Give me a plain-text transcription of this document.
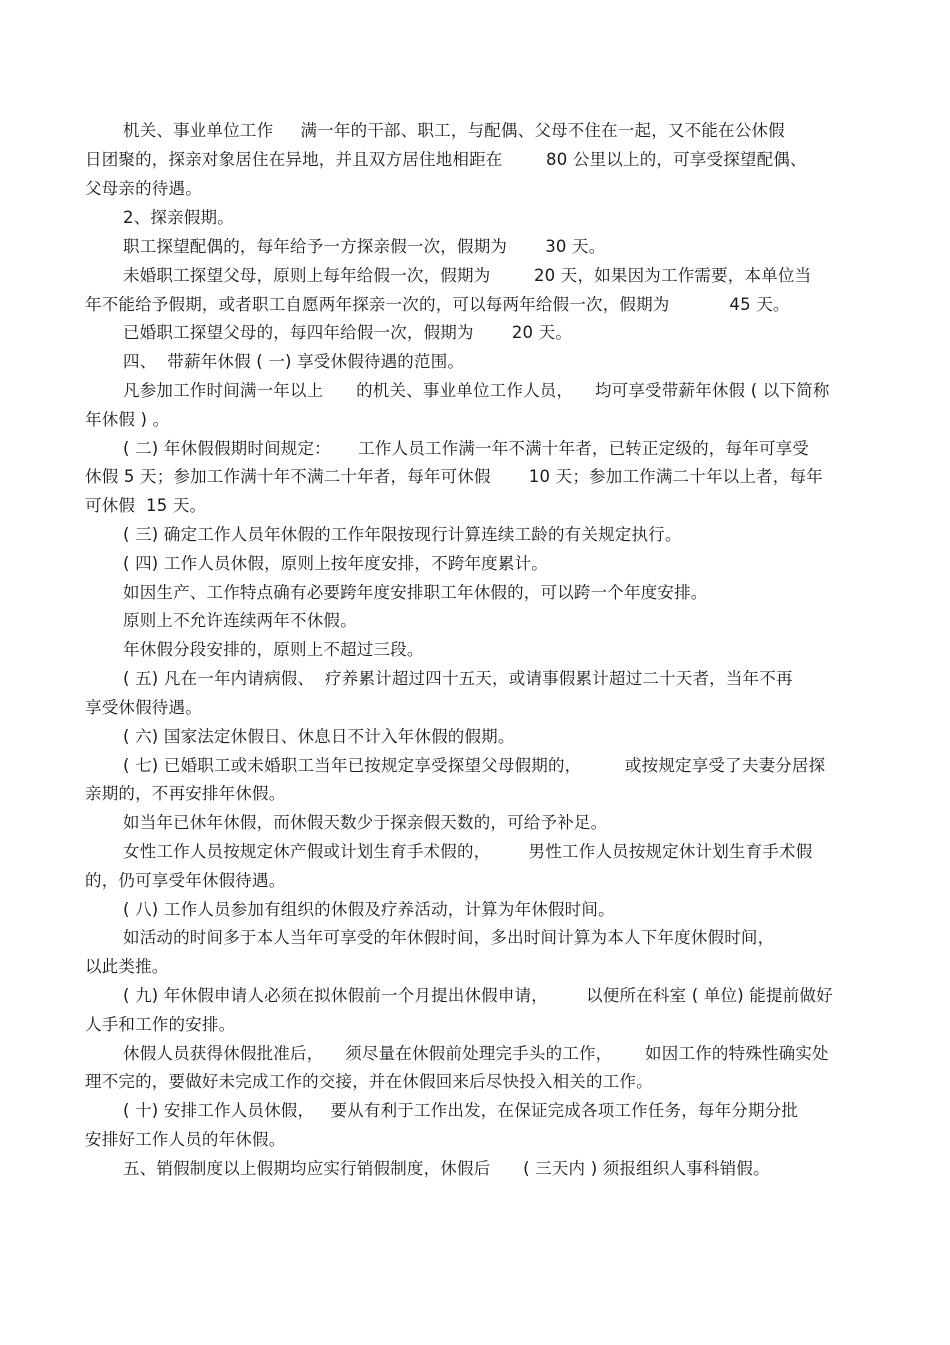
机关、事业单位工作     满一年的干部、职工，与配偶、父母不住在一起，又不能在公休假
日团聚的，探亲对象居住在异地，并且双方居住地相距在        80 公里以上的，可享受探望配偶、
父母亲的待遇。
2、探亲假期。
职工探望配偶的，每年给予一方探亲假一次，假期为       30 天。
未婚职工探望父母，原则上每年给假一次，假期为        20 天，如果因为工作需要，本单位当
年不能给予假期，或者职工自愿两年探亲一次的，可以每两年给假一次，假期为           45 天。
已婚职工探望父母的，每四年给假一次，假期为       20 天。
四、  带薪年休假 ( 一) 享受休假待遇的范围。
凡参加工作时间满一年以上      的机关、事业单位工作人员，    均可享受带薪年休假 ( 以下简称
年休假 ) 。
( 二) 年休假假期时间规定：     工作人员工作满一年不满十年者，已转正定级的，每年可享受
休假 5 天；参加工作满十年不满二十年者，每年可休假       10 天；参加工作满二十年以上者，每年
可休假  15 天。
( 三) 确定工作人员年休假的工作年限按现行计算连续工龄的有关规定执行。
( 四) 工作人员休假，原则上按年度安排，不跨年度累计。
如因生产、工作特点确有必要跨年度安排职工年休假的，可以跨一个年度安排。
原则上不允许连续两年不休假。
年休假分段安排的，原则上不超过三段。
( 五) 凡在一年内请病假、  疗养累计超过四十五天，或请事假累计超过二十天者，当年不再
享受休假待遇。
( 六) 国家法定休假日、休息日不计入年休假的假期。
( 七) 已婚职工或未婚职工当年已按规定享受探望父母假期的，        或按规定享受了夫妻分居探
亲期的，不再安排年休假。
如当年已休年休假，而休假天数少于探亲假天数的，可给予补足。
女性工作人员按规定休产假或计划生育手术假的，       男性工作人员按规定休计划生育手术假
的，仍可享受年休假待遇。
( 八) 工作人员参加有组织的休假及疗养活动，计算为年休假时间。
如活动的时间多于本人当年可享受的年休假时间，多出时间计算为本人下年度休假时间，
以此类推。
( 九) 年休假申请人必须在拟休假前一个月提出休假申请，       以便所在科室 ( 单位) 能提前做好
人手和工作的安排。
休假人员获得休假批准后，    须尽量在休假前处理完手头的工作，      如因工作的特殊性确实处
理不完的，要做好未完成工作的交接，并在休假回来后尽快投入相关的工作。
( 十) 安排工作人员休假，   要从有利于工作出发，在保证完成各项工作任务，每年分期分批
安排好工作人员的年休假。
五、销假制度以上假期均应实行销假制度，休假后      ( 三天内 ) 须报组织人事科销假。
